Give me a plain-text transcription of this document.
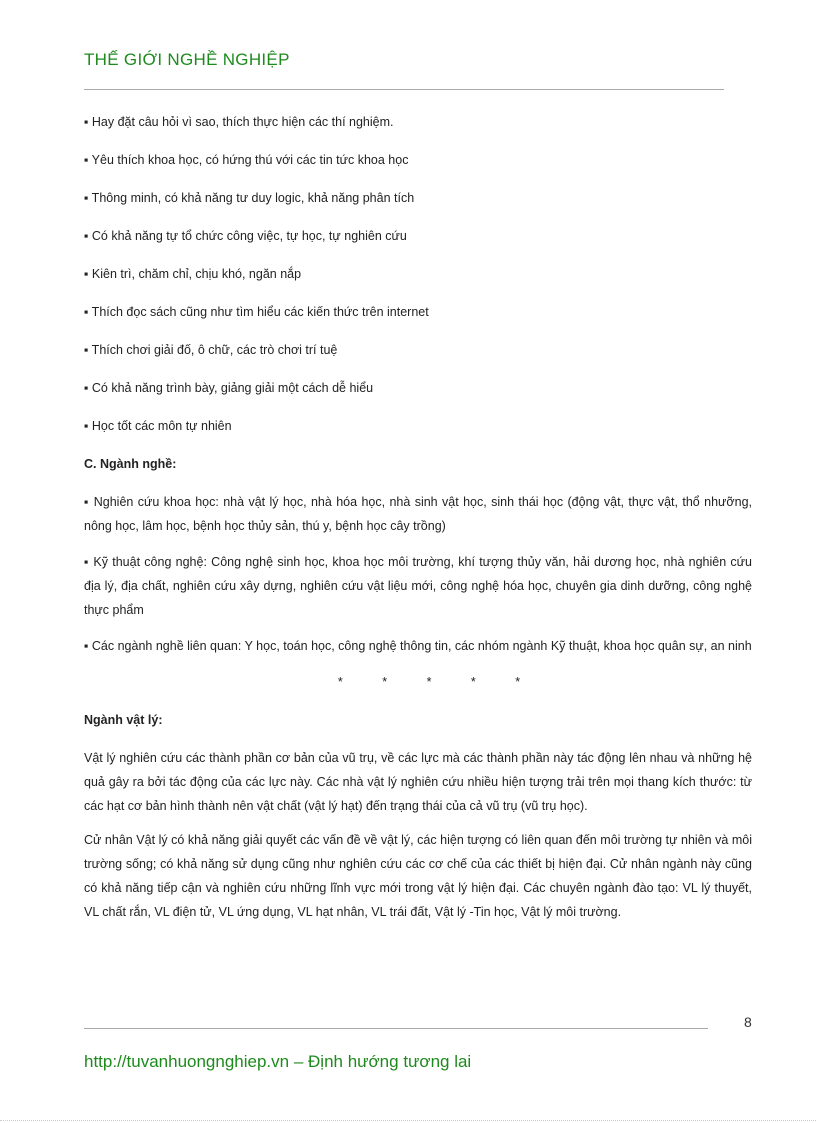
THẾ GIỚI NGHỀ NGHIỆP
▪ Hay đặt câu hỏi vì sao, thích thực hiện các thí nghiệm.
▪ Yêu thích khoa học, có hứng thú với các tin tức khoa học
▪ Thông minh, có khả năng tư duy logic, khả năng phân tích
▪ Có khả năng tự tổ chức công việc, tự học, tự nghiên cứu
▪ Kiên trì, chăm chỉ, chịu khó, ngăn nắp
▪ Thích đọc sách cũng như tìm hiểu các kiến thức trên internet
▪ Thích chơi giải đố, ô chữ, các trò chơi trí tuệ
▪ Có khả năng trình bày, giảng giải một cách dễ hiểu
▪ Học tốt các môn tự nhiên
C. Ngành nghề:
▪ Nghiên cứu khoa học: nhà vật lý học, nhà hóa học, nhà sinh vật học, sinh thái học (động vật, thực vật, thổ nhưỡng, nông học, lâm học, bệnh học thủy sản, thú y, bệnh học cây trồng)
▪ Kỹ thuật công nghệ: Công nghệ sinh học, khoa học môi trường, khí tượng thủy văn, hải dương học, nhà nghiên cứu địa lý, địa chất, nghiên cứu xây dựng, nghiên cứu vật liệu mới, công nghệ hóa học, chuyên gia dinh dưỡng, công nghệ thực phẩm
▪ Các ngành nghề liên quan: Y học, toán học, công nghệ thông tin, các nhóm ngành Kỹ thuật, khoa học quân sự, an ninh
* * * * *
Ngành vật lý:
Vật lý nghiên cứu các thành phần cơ bản của vũ trụ, về các lực mà các thành phần này tác động lên nhau và những hệ quả gây ra bởi tác động của các lực này. Các nhà vật lý nghiên cứu nhiều hiện tượng trải trên mọi thang kích thước: từ các hạt cơ bản hình thành nên vật chất (vật lý hạt) đến trạng thái của cả vũ trụ (vũ trụ học).
Cử nhân Vật lý có khả năng giải quyết các vấn đề về vật lý, các hiện tượng có liên quan đến môi trường tự nhiên và môi trường sống; có khả năng sử dụng cũng như nghiên cứu các cơ chế của các thiết bị hiện đại. Cử nhân ngành này cũng có khả năng tiếp cận và nghiên cứu những lĩnh vực mới trong vật lý hiện đại. Các chuyên ngành đào tạo: VL lý thuyết, VL chất rắn, VL điện tử, VL ứng dụng, VL hạt nhân, VL trái đất, Vật lý -Tin học, Vật lý môi trường.
8
http://tuvanhuongnghiep.vn – Định hướng tương lai
